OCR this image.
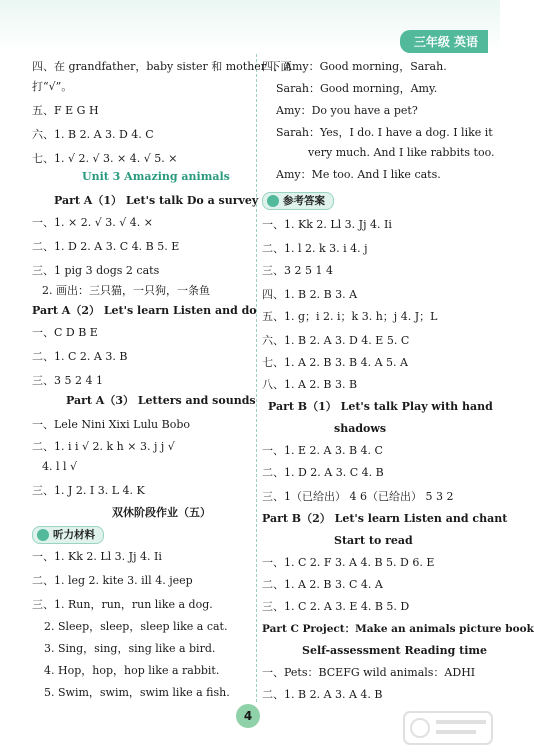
三年级 英语
四、在 grandfather，baby sister 和 mother 下面
打“√”。
五、F E G H
六、1. B 2. A 3. D 4. C
七、1. √ 2. √ 3. × 4. √ 5. ×
Unit 3 Amazing animals
Part A（1） Let's talk Do a survey
一、1. × 2. √ 3. √ 4. ×
二、1. D 2. A 3. C 4. B 5. E
三、1 pig 3 dogs 2 cats
2. 画出：三只猫，一只狗，一条鱼
Part A（2） Let's learn Listen and do
一、C D B E
二、1. C 2. A 3. B
三、3 5 2 4 1
Part A（3） Letters and sounds
一、Lele Nini Xixi Lulu Bobo
二、1. i i √ 2. k h × 3. j j √
4. l l √
三、1. J 2. I 3. L 4. K
双休阶段作业（五）
听力材料
一、1. Kk 2. Ll 3. Jj 4. Ii
二、1. leg 2. kite 3. ill 4. jeep
三、1. Run，run，run like a dog.
2. Sleep，sleep，sleep like a cat.
3. Sing，sing，sing like a bird.
4. Hop，hop，hop like a rabbit.
5. Swim，swim，swim like a fish.
四、Amy：Good morning，Sarah.
Sarah：Good morning，Amy.
Amy：Do you have a pet?
Sarah：Yes，I do. I have a dog. I like it
very much. And I like rabbits too.
Amy：Me too. And I like cats.
参考答案
一、1. Kk 2. Ll 3. Jj 4. Ii
二、1. l 2. k 3. i 4. j
三、3 2 5 1 4
四、1. B 2. B 3. A
五、1. g；i 2. i；k 3. h；j 4. J；L
六、1. B 2. A 3. D 4. E 5. C
七、1. A 2. B 3. B 4. A 5. A
八、1. A 2. B 3. B
Part B（1） Let's talk Play with hand
shadows
一、1. E 2. A 3. B 4. C
二、1. D 2. A 3. C 4. B
三、1（已给出） 4 6（已给出） 5 3 2
Part B（2） Let's learn Listen and chant
Start to read
一、1. C 2. F 3. A 4. B 5. D 6. E
二、1. A 2. B 3. C 4. A
三、1. C 2. A 3. E 4. B 5. D
Part C Project：Make an animals picture book
Self-assessment Reading time
一、Pets：BCEFG wild animals：ADHI
二、1. B 2. A 3. A 4. B
4
